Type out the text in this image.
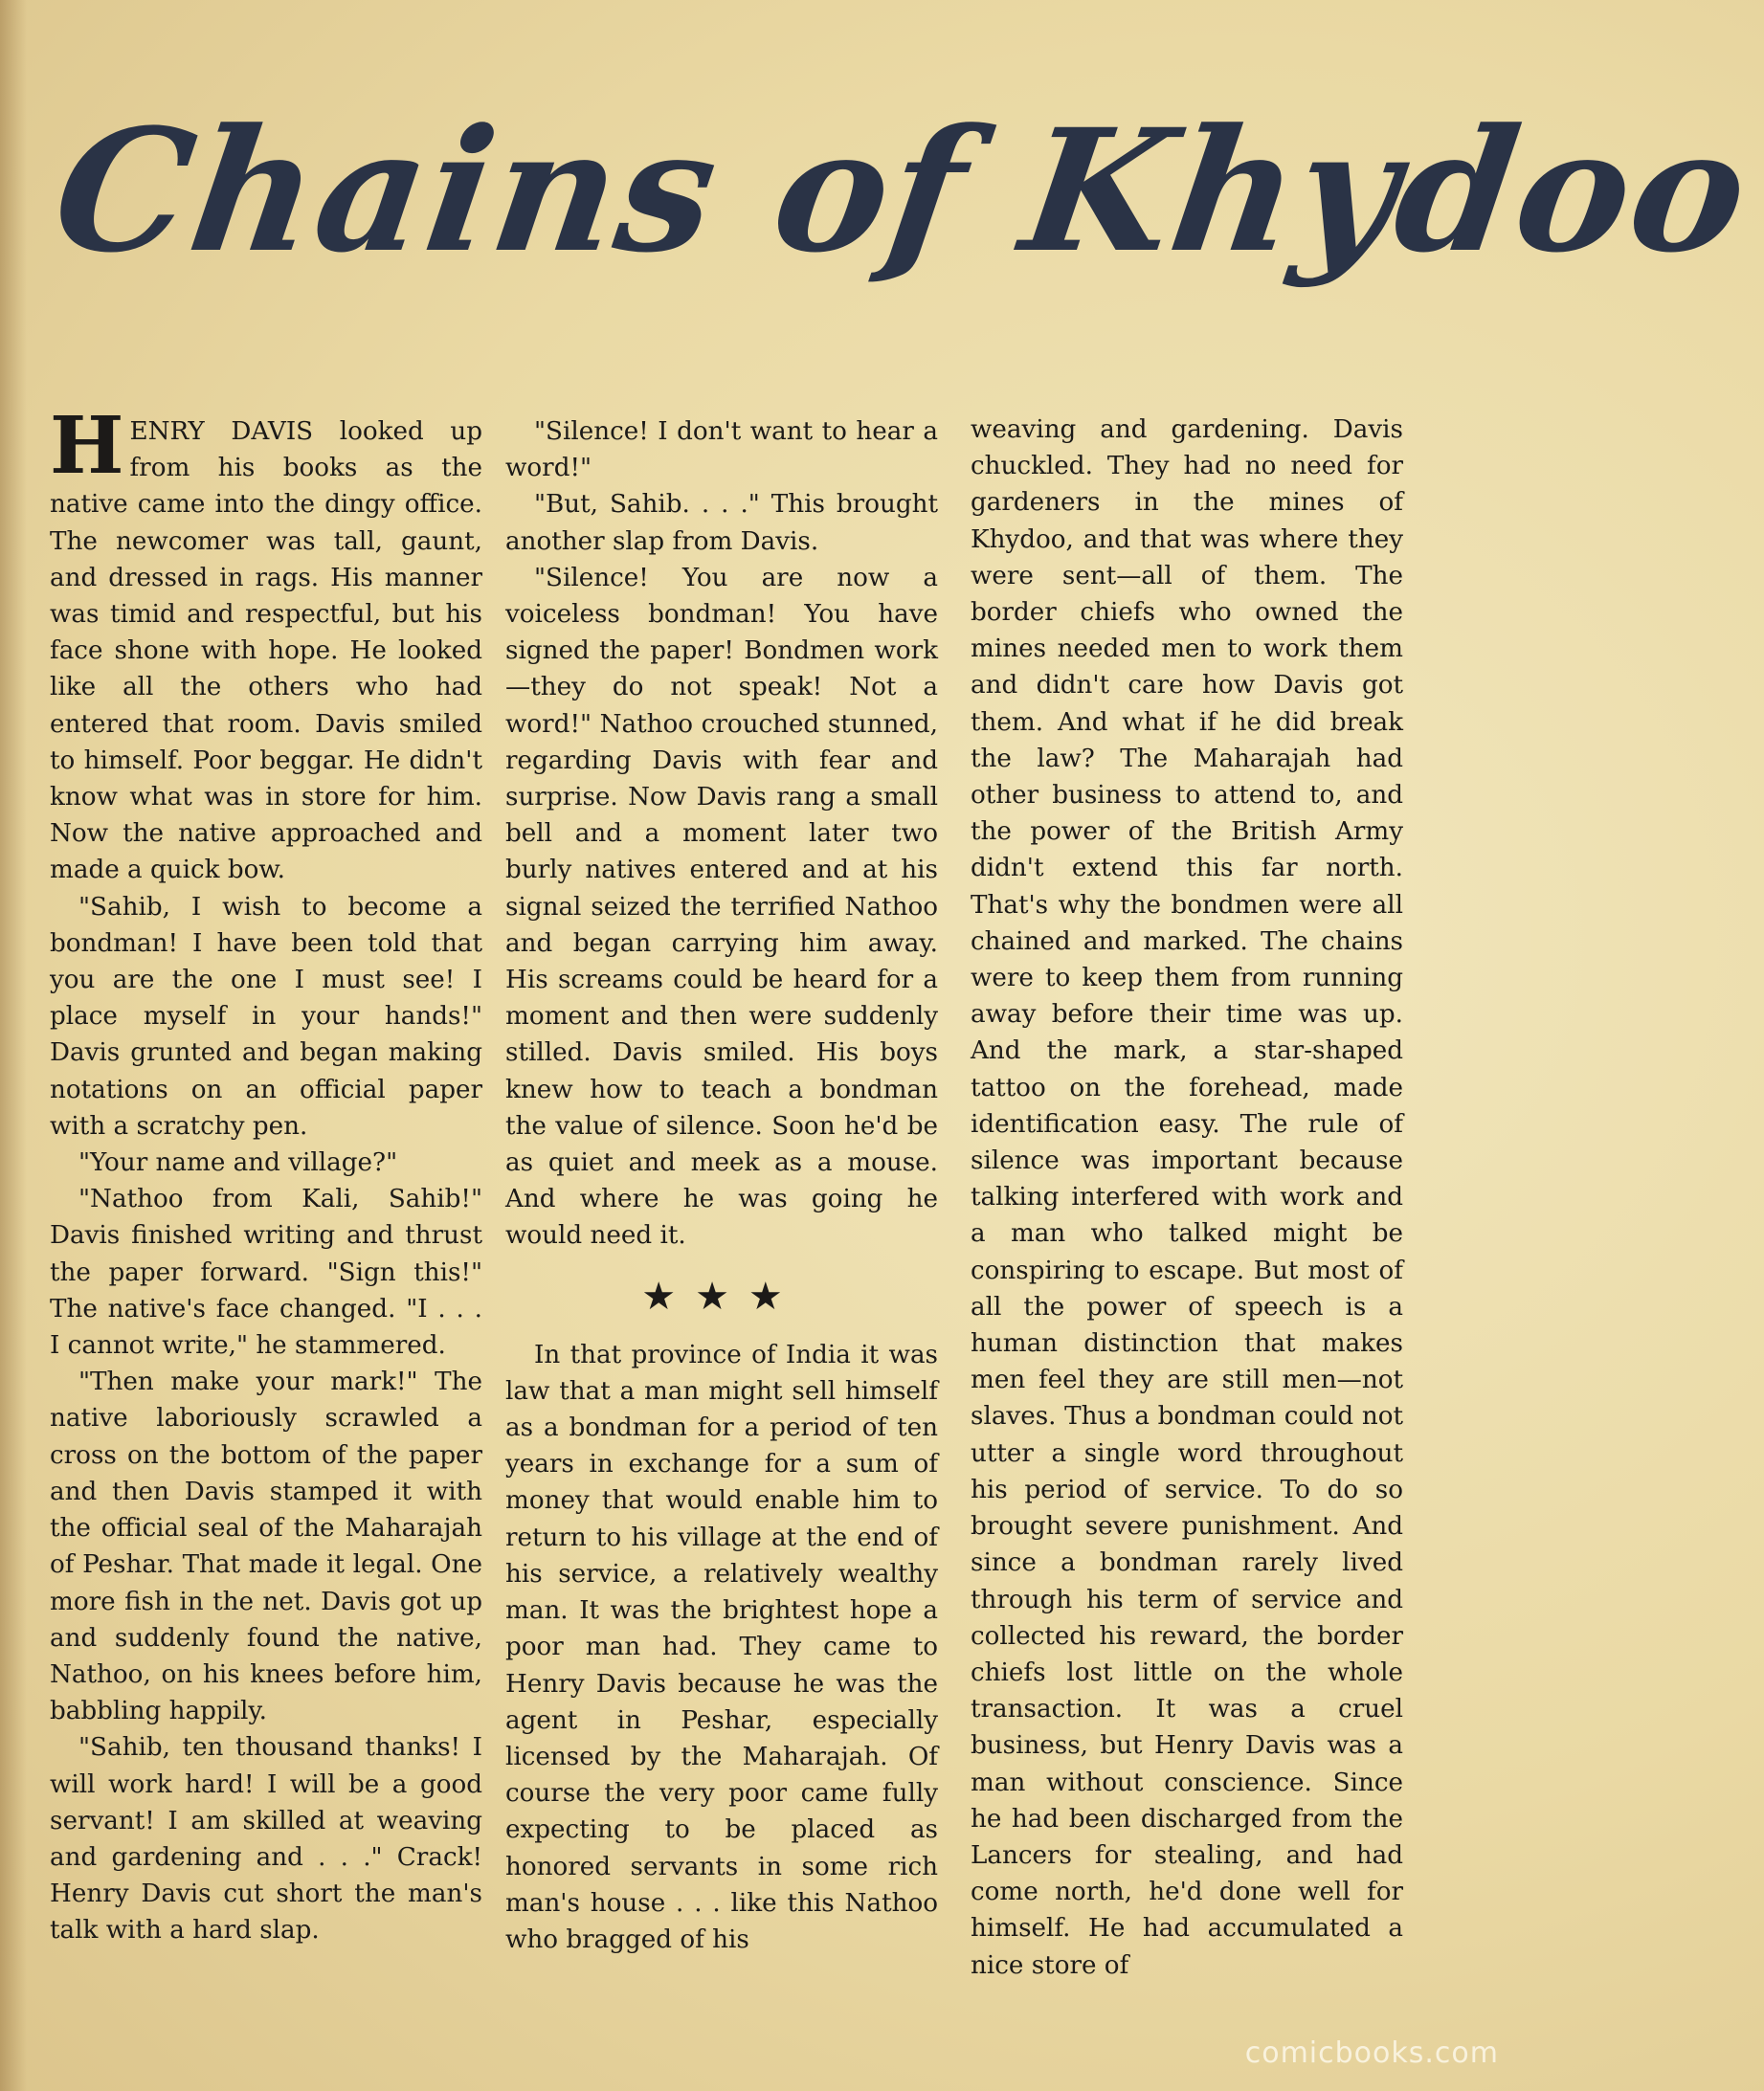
Chains of Khydoo

HENRY DAVIS looked up from his books as the native came into the dingy office. The newcomer was tall, gaunt, and dressed in rags. His manner was timid and respectful, but his face shone with hope. He looked like all the others who had entered that room. Davis smiled to himself. Poor beggar. He didn't know what was in store for him. Now the native approached and made a quick bow.

"Sahib, I wish to become a bondman! I have been told that you are the one I must see! I place myself in your hands!" Davis grunted and began making notations on an official paper with a scratchy pen.

"Your name and village?"

"Nathoo from Kali, Sahib!" Davis finished writing and thrust the paper forward. "Sign this!" The native's face changed. "I . . . I cannot write," he stammered.

"Then make your mark!" The native laboriously scrawled a cross on the bottom of the paper and then Davis stamped it with the official seal of the Maharajah of Peshar. That made it legal. One more fish in the net. Davis got up and suddenly found the native, Nathoo, on his knees before him, babbling happily.

"Sahib, ten thousand thanks! I will work hard! I will be a good servant! I am skilled at weaving and gardening and . . ." Crack! Henry Davis cut short the man's talk with a hard slap.

"Silence! I don't want to hear a word!"

"But, Sahib. . . ." This brought another slap from Davis.

"Silence! You are now a voiceless bondman! You have signed the paper! Bondmen work—they do not speak! Not a word!" Nathoo crouched stunned, regarding Davis with fear and surprise. Now Davis rang a small bell and a moment later two burly natives entered and at his signal seized the terrified Nathoo and began carrying him away. His screams could be heard for a moment and then were suddenly stilled. Davis smiled. His boys knew how to teach a bondman the value of silence. Soon he'd be as quiet and meek as a mouse. And where he was going he would need it.

★★★

In that province of India it was law that a man might sell himself as a bondman for a period of ten years in exchange for a sum of money that would enable him to return to his village at the end of his service, a relatively wealthy man. It was the brightest hope a poor man had. They came to Henry Davis because he was the agent in Peshar, especially licensed by the Maharajah. Of course the very poor came fully expecting to be placed as honored servants in some rich man's house . . . like this Nathoo who bragged of his

weaving and gardening. Davis chuckled. They had no need for gardeners in the mines of Khydoo, and that was where they were sent—all of them. The border chiefs who owned the mines needed men to work them and didn't care how Davis got them. And what if he did break the law? The Maharajah had other business to attend to, and the power of the British Army didn't extend this far north. That's why the bondmen were all chained and marked. The chains were to keep them from running away before their time was up. And the mark, a star-shaped tattoo on the forehead, made identification easy. The rule of silence was important because talking interfered with work and a man who talked might be conspiring to escape. But most of all the power of speech is a human distinction that makes men feel they are still men—not slaves. Thus a bondman could not utter a single word throughout his period of service. To do so brought severe punishment. And since a bondman rarely lived through his term of service and collected his reward, the border chiefs lost little on the whole transaction. It was a cruel business, but Henry Davis was a man without conscience. Since he had been discharged from the Lancers for stealing, and had come north, he'd done well for himself. He had accumulated a nice store of

comicbooks.com
